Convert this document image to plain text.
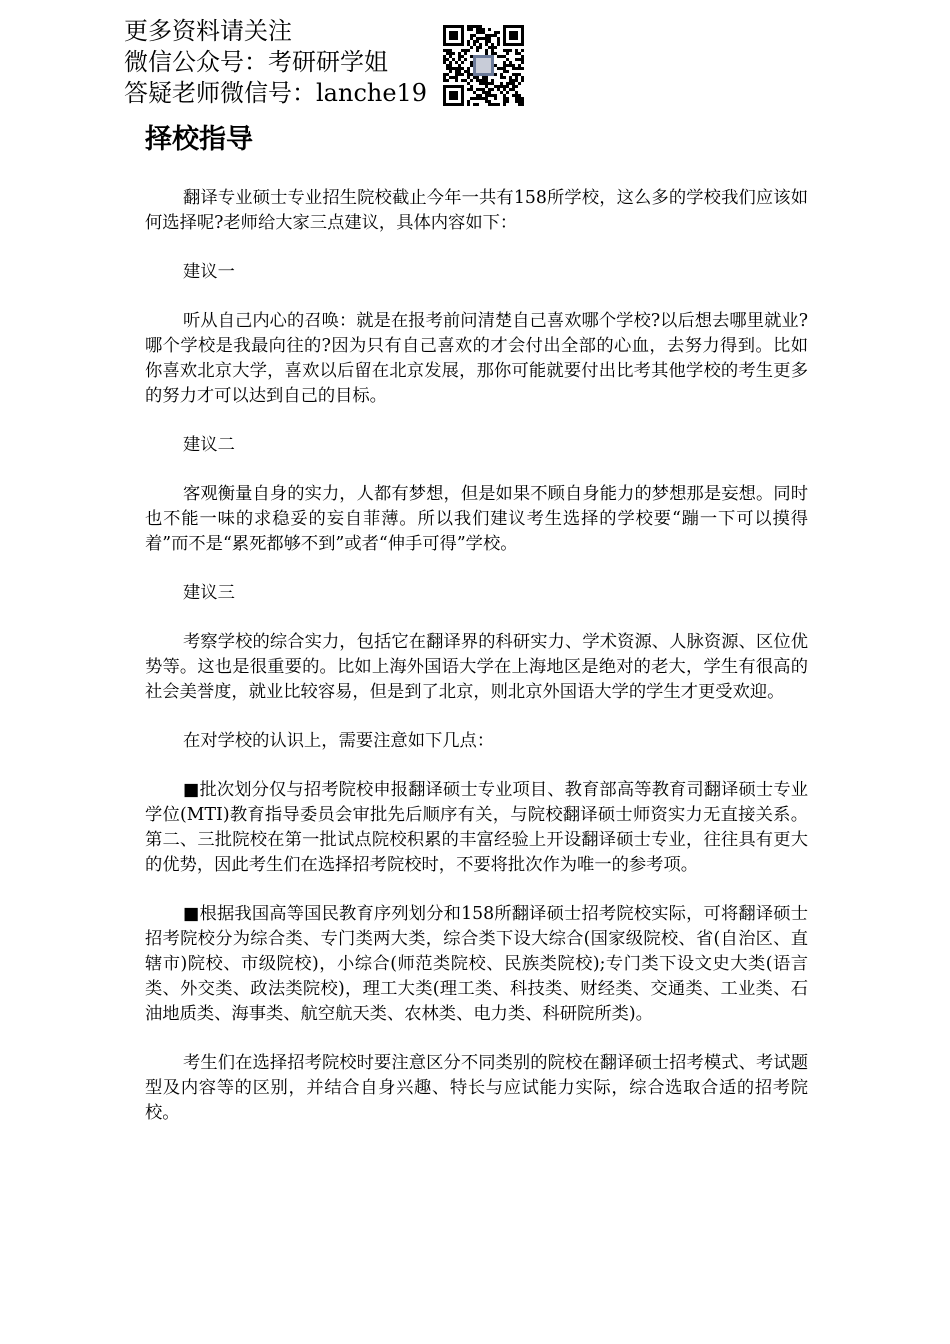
更多资料请关注
微信公众号：考研研学姐
答疑老师微信号：lanche19
择校指导

翻译专业硕士专业招生院校截止今年一共有158所学校，这么多的学校我们应该如何选择呢?老师给大家三点建议，具体内容如下：

建议一

听从自己内心的召唤：就是在报考前问清楚自己喜欢哪个学校?以后想去哪里就业?哪个学校是我最向往的?因为只有自己喜欢的才会付出全部的心血，去努力得到。比如你喜欢北京大学，喜欢以后留在北京发展，那你可能就要付出比考其他学校的考生更多的努力才可以达到自己的目标。

建议二

客观衡量自身的实力，人都有梦想，但是如果不顾自身能力的梦想那是妄想。同时也不能一味的求稳妥的妄自菲薄。所以我们建议考生选择的学校要“蹦一下可以摸得着”而不是“累死都够不到”或者“伸手可得”学校。

建议三

考察学校的综合实力，包括它在翻译界的科研实力、学术资源、人脉资源、区位优势等。这也是很重要的。比如上海外国语大学在上海地区是绝对的老大，学生有很高的社会美誉度，就业比较容易，但是到了北京，则北京外国语大学的学生才更受欢迎。

在对学校的认识上，需要注意如下几点：

■批次划分仅与招考院校申报翻译硕士专业项目、教育部高等教育司翻译硕士专业学位(MTI)教育指导委员会审批先后顺序有关，与院校翻译硕士师资实力无直接关系。第二、三批院校在第一批试点院校积累的丰富经验上开设翻译硕士专业，往往具有更大的优势，因此考生们在选择招考院校时，不要将批次作为唯一的参考项。

■根据我国高等国民教育序列划分和158所翻译硕士招考院校实际，可将翻译硕士招考院校分为综合类、专门类两大类，综合类下设大综合(国家级院校、省(自治区、直辖市)院校、市级院校)，小综合(师范类院校、民族类院校);专门类下设文史大类(语言类、外交类、政法类院校)，理工大类(理工类、科技类、财经类、交通类、工业类、石油地质类、海事类、航空航天类、农林类、电力类、科研院所类)。

考生们在选择招考院校时要注意区分不同类别的院校在翻译硕士招考模式、考试题型及内容等的区别，并结合自身兴趣、特长与应试能力实际，综合选取合适的招考院校。
